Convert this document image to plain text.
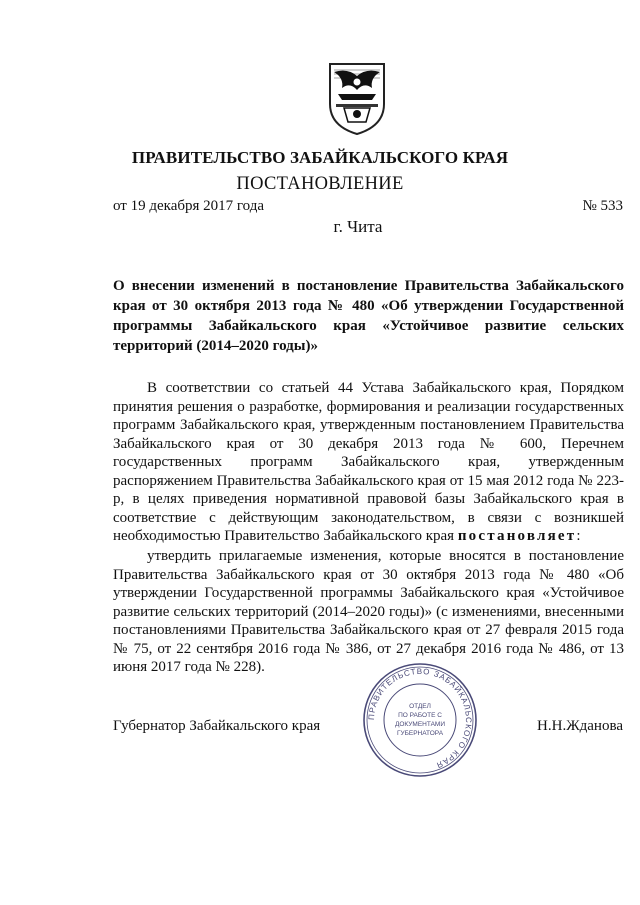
ПРАВИТЕЛЬСТВО ЗАБАЙКАЛЬСКОГО КРАЯ
ПОСТАНОВЛЕНИЕ
от 19 декабря 2017 года	№ 533
г. Чита
О внесении изменений в постановление Правительства Забайкальского края от 30 октября 2013 года № 480 «Об утверждении Государственной программы Забайкальского края «Устойчивое развитие сельских территорий (2014–2020 годы)»
В соответствии со статьей 44 Устава Забайкальского края, Порядком принятия решения о разработке, формирования и реализации государственных программ Забайкальского края, утвержденным постановлением Правительства Забайкальского края от 30 декабря 2013 года № 600, Перечнем государственных программ Забайкальского края, утвержденным распоряжением Правительства Забайкальского края от 15 мая 2012 года № 223-р, в целях приведения нормативной правовой базы Забайкальского края в соответствие с действующим законодательством, в связи с возникшей необходимостью Правительство Забайкальского края постановляет:
утвердить прилагаемые изменения, которые вносятся в постановление Правительства Забайкальского края от 30 октября 2013 года № 480 «Об утверждении Государственной программы Забайкальского края «Устойчивое развитие сельских территорий (2014–2020 годы)» (с изменениями, внесенными постановлениями Правительства Забайкальского края от 27 февраля 2015 года № 75, от 22 сентября 2016 года № 386, от 27 декабря 2016 года № 486, от 13 июня 2017 года № 228).
ПРАВИТЕЛЬСТВО ЗАБАЙКАЛЬСКОГО КРАЯ
ОТДЕЛ
ПО РАБОТЕ С
ДОКУМЕНТАМИ
ГУБЕРНАТОРА
Губернатор Забайкальского края	Н.Н.Жданова
